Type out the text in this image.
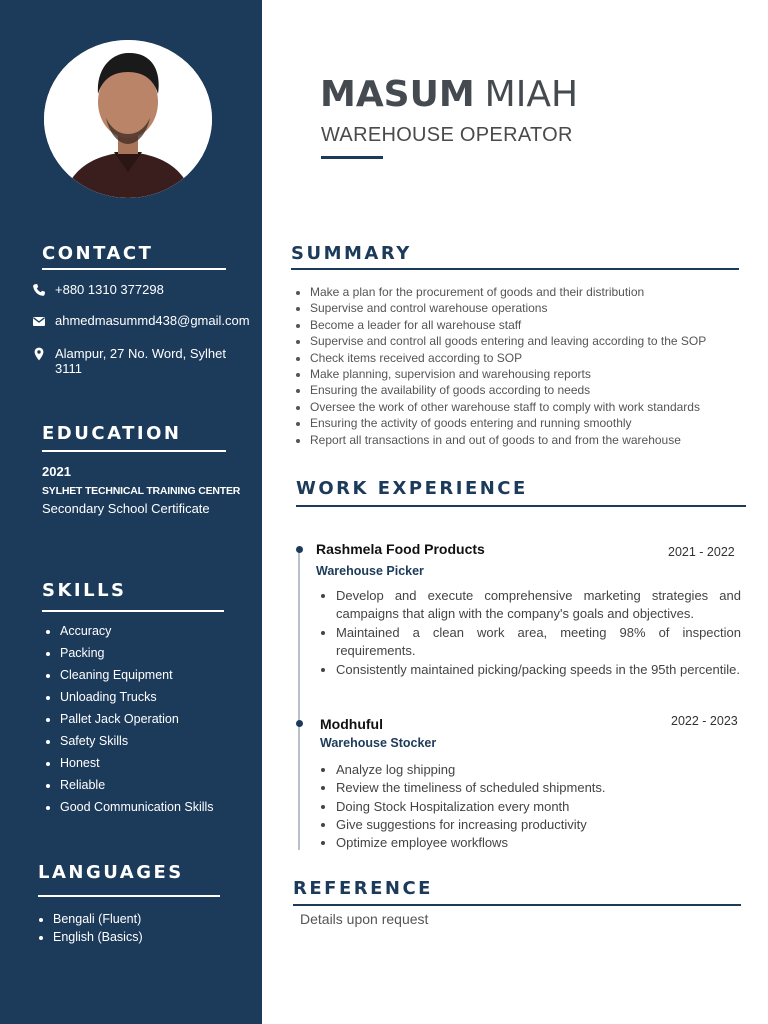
CONTACT
+880 1310 377298
ahmedmasummd438@gmail.com
Alampur, 27 No. Word, Sylhet 3111
EDUCATION
2021
SYLHET TECHNICAL TRAINING CENTER
Secondary School Certificate
SKILLS
• Accuracy
• Packing
• Cleaning Equipment
• Unloading Trucks
• Pallet Jack Operation
• Safety Skills
• Honest
• Reliable
• Good Communication Skills
LANGUAGES
• Bengali (Fluent)
• English (Basics)
MASUM MIAH
WAREHOUSE OPERATOR
SUMMARY
• Make a plan for the procurement of goods and their distribution
• Supervise and control warehouse operations
• Become a leader for all warehouse staff
• Supervise and control all goods entering and leaving according to the SOP
• Check items received according to SOP
• Make planning, supervision and warehousing reports
• Ensuring the availability of goods according to needs
• Oversee the work of other warehouse staff to comply with work standards
• Ensuring the activity of goods entering and running smoothly
• Report all transactions in and out of goods to and from the warehouse
WORK EXPERIENCE
Rashmela Food Products	2021 - 2022
Warehouse Picker
• Develop and execute comprehensive marketing strategies and campaigns that align with the company's goals and objectives.
• Maintained a clean work area, meeting 98% of inspection requirements.
• Consistently maintained picking/packing speeds in the 95th percentile.
Modhuful	2022 - 2023
Warehouse Stocker
• Analyze log shipping
• Review the timeliness of scheduled shipments.
• Doing Stock Hospitalization every month
• Give suggestions for increasing productivity
• Optimize employee workflows
REFERENCE
Details upon request
